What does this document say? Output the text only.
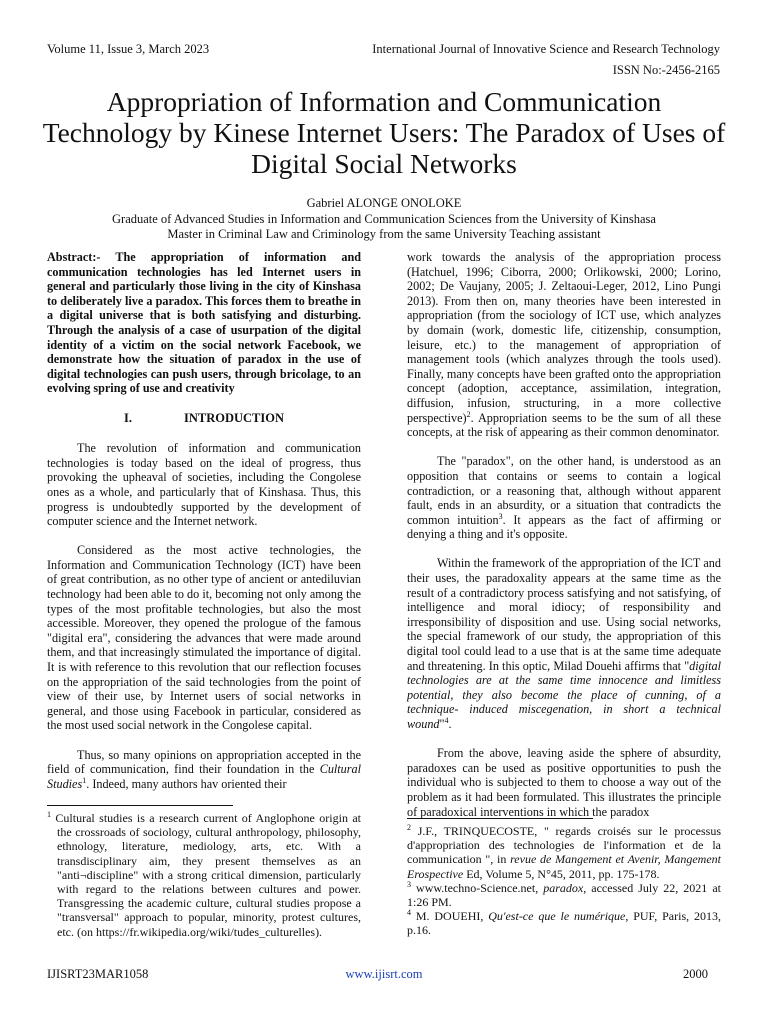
Volume 11, Issue 3, March 2023	International Journal of Innovative Science and Research Technology
ISSN No:-2456-2165
Appropriation of Information and Communication Technology by Kinese Internet Users: The Paradox of Uses of Digital Social Networks
Gabriel ALONGE ONOLOKE
Graduate of Advanced Studies in Information and Communication Sciences from the University of Kinshasa
Master in Criminal Law and Criminology from the same University Teaching assistant

Abstract:- The appropriation of information and communication technologies has led Internet users in general and particularly those living in the city of Kinshasa to deliberately live a paradox. This forces them to breathe in a digital universe that is both satisfying and disturbing. Through the analysis of a case of usurpation of the digital identity of a victim on the social network Facebook, we demonstrate how the situation of paradox in the use of digital technologies can push users, through bricolage, to an evolving spring of use and creativity

I.	INTRODUCTION

The revolution of information and communication technologies is today based on the ideal of progress, thus provoking the upheaval of societies, including the Congolese ones as a whole, and particularly that of Kinshasa. Thus, this progress is undoubtedly supported by the development of computer science and the Internet network.

Considered as the most active technologies, the Information and Communication Technology (ICT) have been of great contribution, as no other type of ancient or antediluvian technology had been able to do it, becoming not only among the types of the most profitable technologies, but also the most accessible. Moreover, they opened the prologue of the famous "digital era", considering the advances that were made around them, and that increasingly stimulated the importance of digital. It is with reference to this revolution that our reflection focuses on the appropriation of the said technologies from the point of view of their use, by Internet users of social networks in general, and those using Facebook in particular, considered as the most used social network in the Congolese capital.

Thus, so many opinions on appropriation accepted in the field of communication, find their foundation in the Cultural Studies$^1$. Indeed, many authors hav oriented their

$^1$ Cultural studies is a research current of Anglophone origin at the crossroads of sociology, cultural anthropology, philosophy, ethnology, literature, mediology, arts, etc. With a transdisciplinary aim, they present themselves as an "anti¬discipline" with a strong critical dimension, particularly with regard to the relations between cultures and power. Transgressing the academic culture, cultural studies propose a "transversal" approach to popular, minority, protest cultures, etc. (on https://fr.wikipedia.org/wiki/tudes_culturelles).

work towards the analysis of the appropriation process (Hatchuel, 1996; Ciborra, 2000; Orlikowski, 2000; Lorino, 2002; De Vaujany, 2005; J. Zeltaoui-Leger, 2012, Lino Pungi 2013). From then on, many theories have been interested in appropriation (from the sociology of ICT use, which analyzes by domain (work, domestic life, citizenship, consumption, leisure, etc.) to the management of appropriation of management tools (which analyzes through the tools used). Finally, many concepts have been grafted onto the appropriation concept (adoption, acceptance, assimilation, integration, diffusion, infusion, structuring, in a more collective perspective)$^2$. Appropriation seems to be the sum of all these concepts, at the risk of appearing as their common denominator.

The "paradox", on the other hand, is understood as an opposition that contains or seems to contain a logical contradiction, or a reasoning that, although without apparent fault, ends in an absurdity, or a situation that contradicts the common intuition$^3$. It appears as the fact of affirming or denying a thing and it's opposite.

Within the framework of the appropriation of the ICT and their uses, the paradoxality appears at the same time as the result of a contradictory process satisfying and not satisfying, of intelligence and moral idiocy; of responsibility and irresponsibility of disposition and use. Using social networks, the special framework of our study, the appropriation of this digital tool could lead to a use that is at the same time adequate and threatening. In this optic, Milad Douehi affirms that "digital technologies are at the same time innocence and limitless potential, they also become the place of cunning, of a technique- induced miscegenation, in short a technical wound"$^4$.

From the above, leaving aside the sphere of absurdity, paradoxes can be used as positive opportunities to push the individual who is subjected to them to choose a way out of the problem as it had been formulated. This illustrates the principle of paradoxical interventions in which the paradox

$^2$ J.F., TRINQUECOSTE, " regards croisés sur le processus d'appropriation des technologies de l'information et de la communication ", in revue de Mangement et Avenir, Mangement Erospective Ed, Volume 5, N°45, 2011, pp. 175-178.

$^3$ www.techno-Science.net, paradox, accessed July 22, 2021 at 1:26 PM.

$^4$ M. DOUEHI, Qu'est-ce que le numérique, PUF, Paris, 2013, p.16.

IJISRT23MAR1058	www.ijisrt.com	2000
